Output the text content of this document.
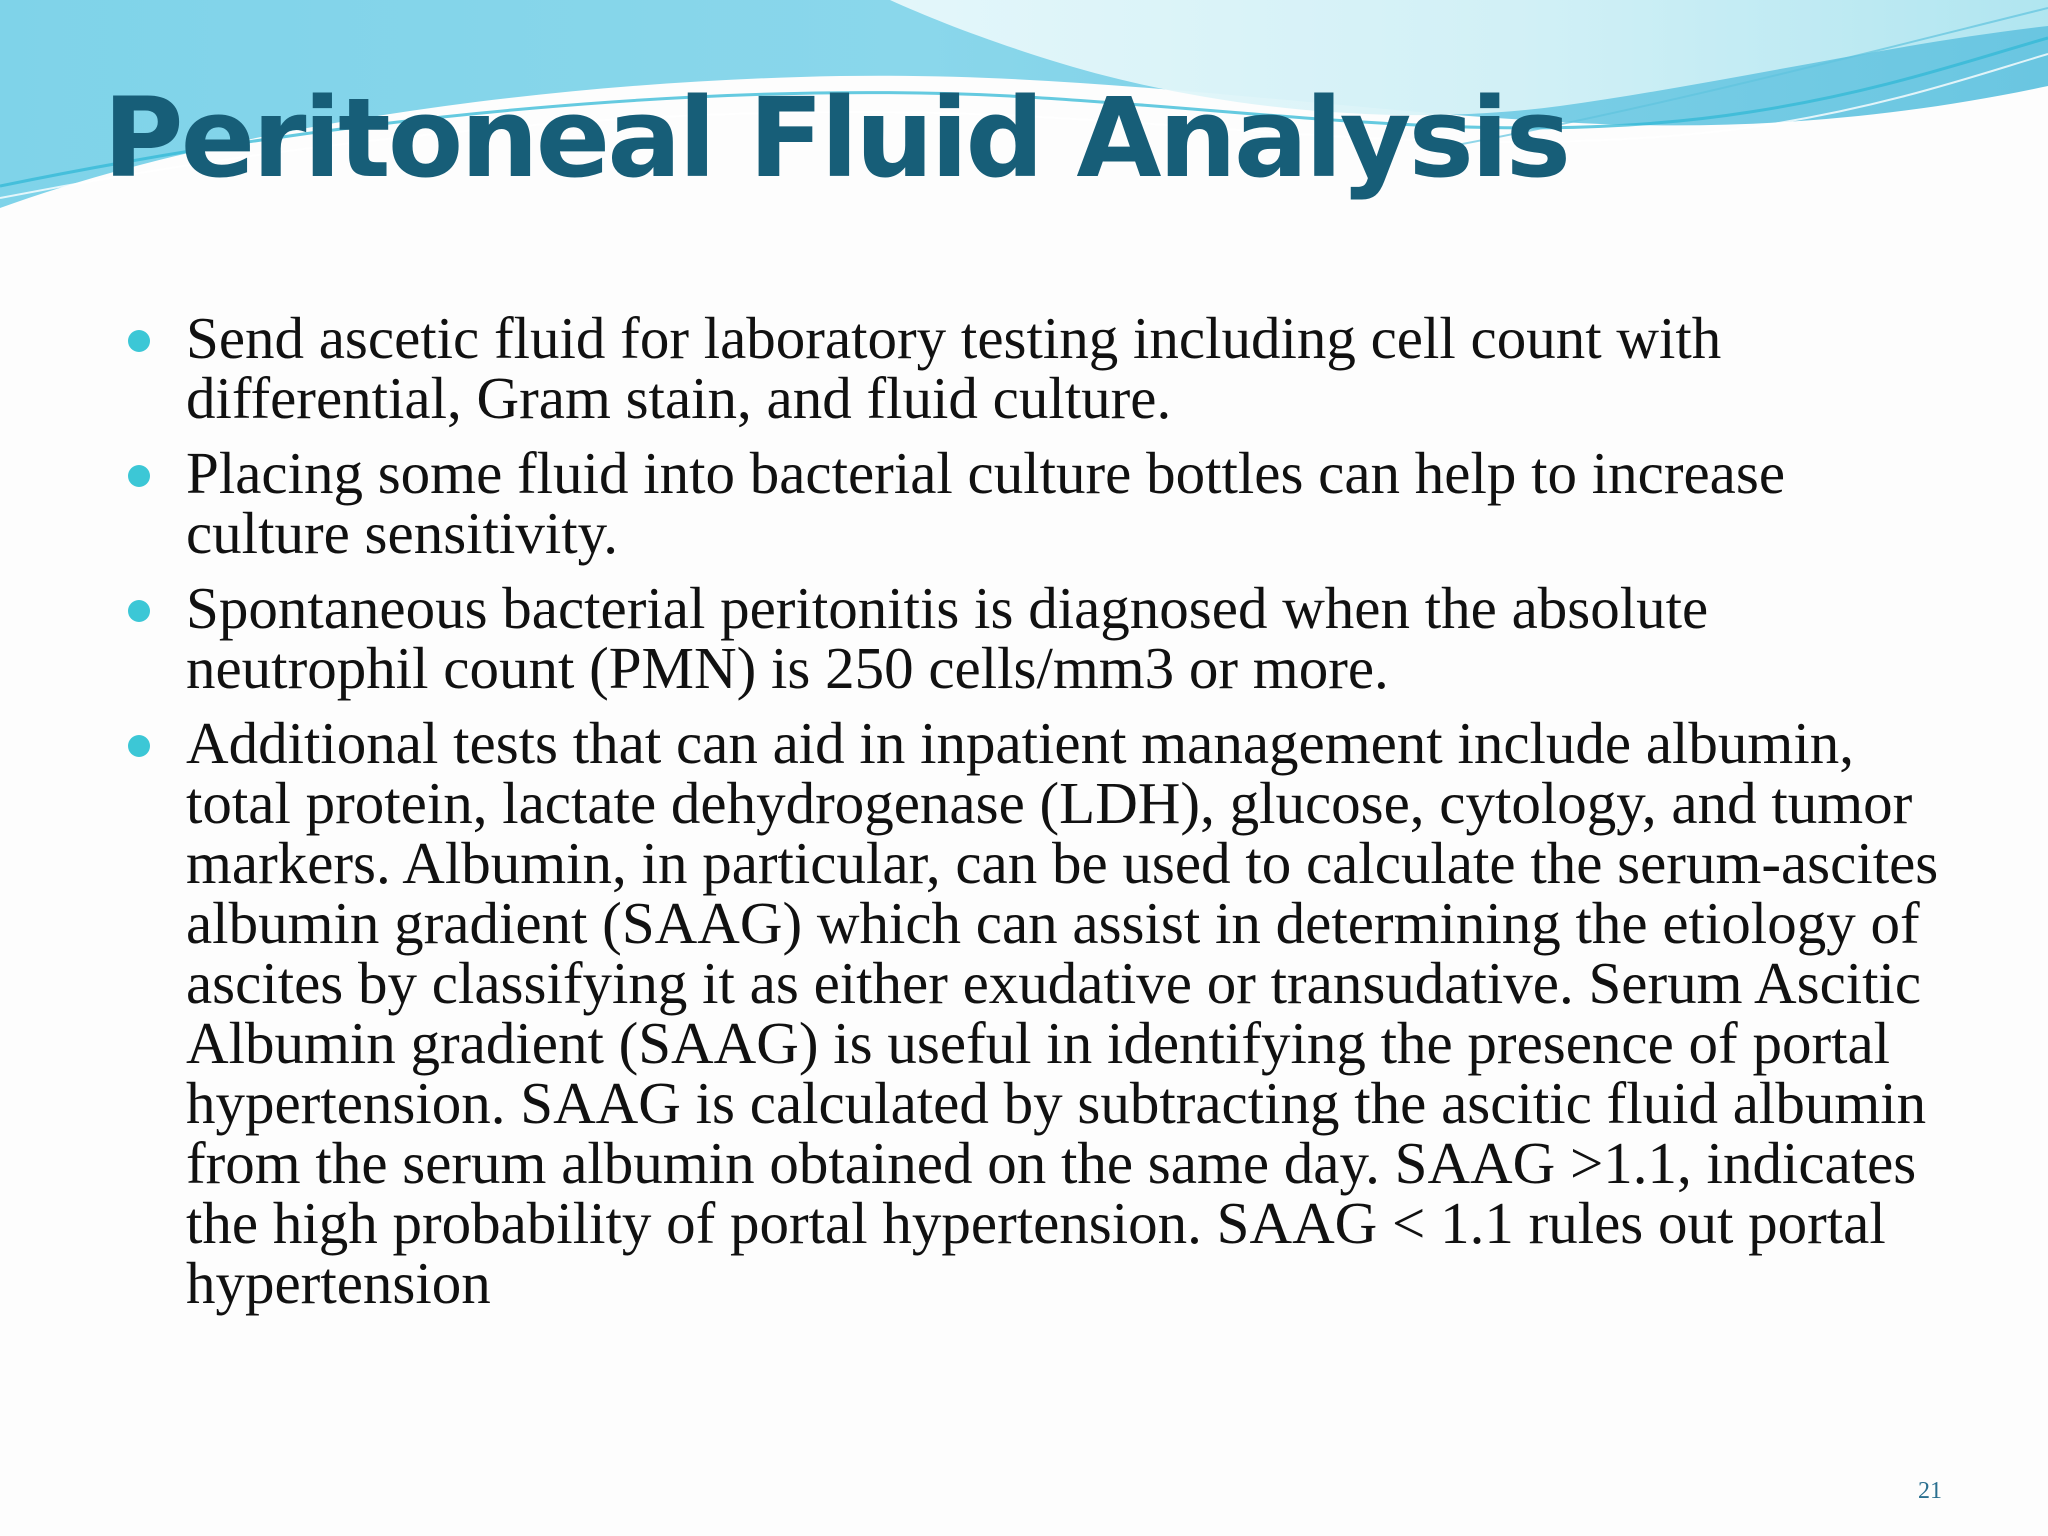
Peritoneal Fluid Analysis
Send ascetic fluid for laboratory testing including cell count with differential, Gram stain, and fluid culture.
Placing some fluid into bacterial culture bottles can help to increase culture sensitivity.
Spontaneous bacterial peritonitis is diagnosed when the absolute neutrophil count (PMN) is 250 cells/mm3 or more.
Additional tests that can aid in inpatient management include albumin, total protein, lactate dehydrogenase (LDH), glucose, cytology, and tumor markers. Albumin, in particular, can be used to calculate the serum-ascites albumin gradient (SAAG) which can assist in determining the etiology of ascites by classifying it as either exudative or transudative. Serum Ascitic Albumin gradient (SAAG) is useful in identifying the presence of portal hypertension. SAAG is calculated by subtracting the ascitic fluid albumin from the serum albumin obtained on the same day. SAAG >1.1, indicates the high probability of portal hypertension. SAAG < 1.1 rules out portal hypertension
21
